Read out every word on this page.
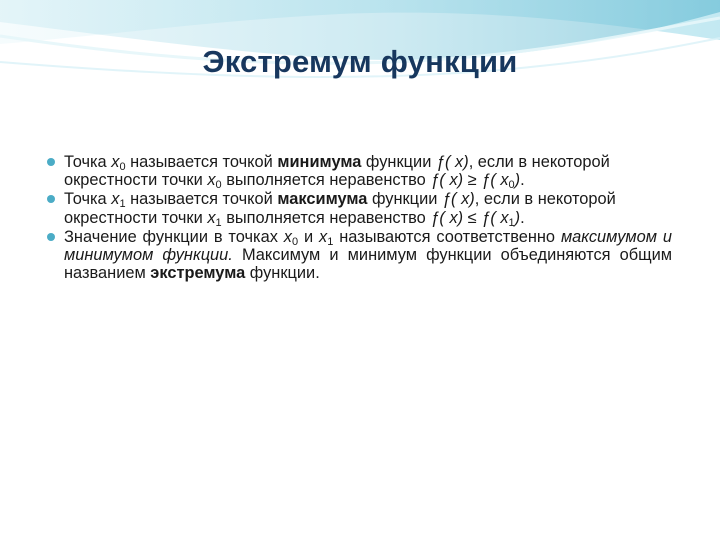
Экстремум функции
Точка $x_0$ называется точкой минимума функции ƒ( x), если в некоторой окрестности точки $x_0$ выполняется неравенство ƒ( x) ≥ ƒ( $x_0$).
Точка $x_1$ называется точкой максимума функции ƒ( x), если в некоторой окрестности точки $x_1$ выполняется неравенство ƒ( x) ≤ ƒ( $x_1$).
Значение функции в точках $x_0$ и $x_1$ называются соответственно максимумом и минимумом функции. Максимум и минимум функции объединяются общим названием экстремума функции.
